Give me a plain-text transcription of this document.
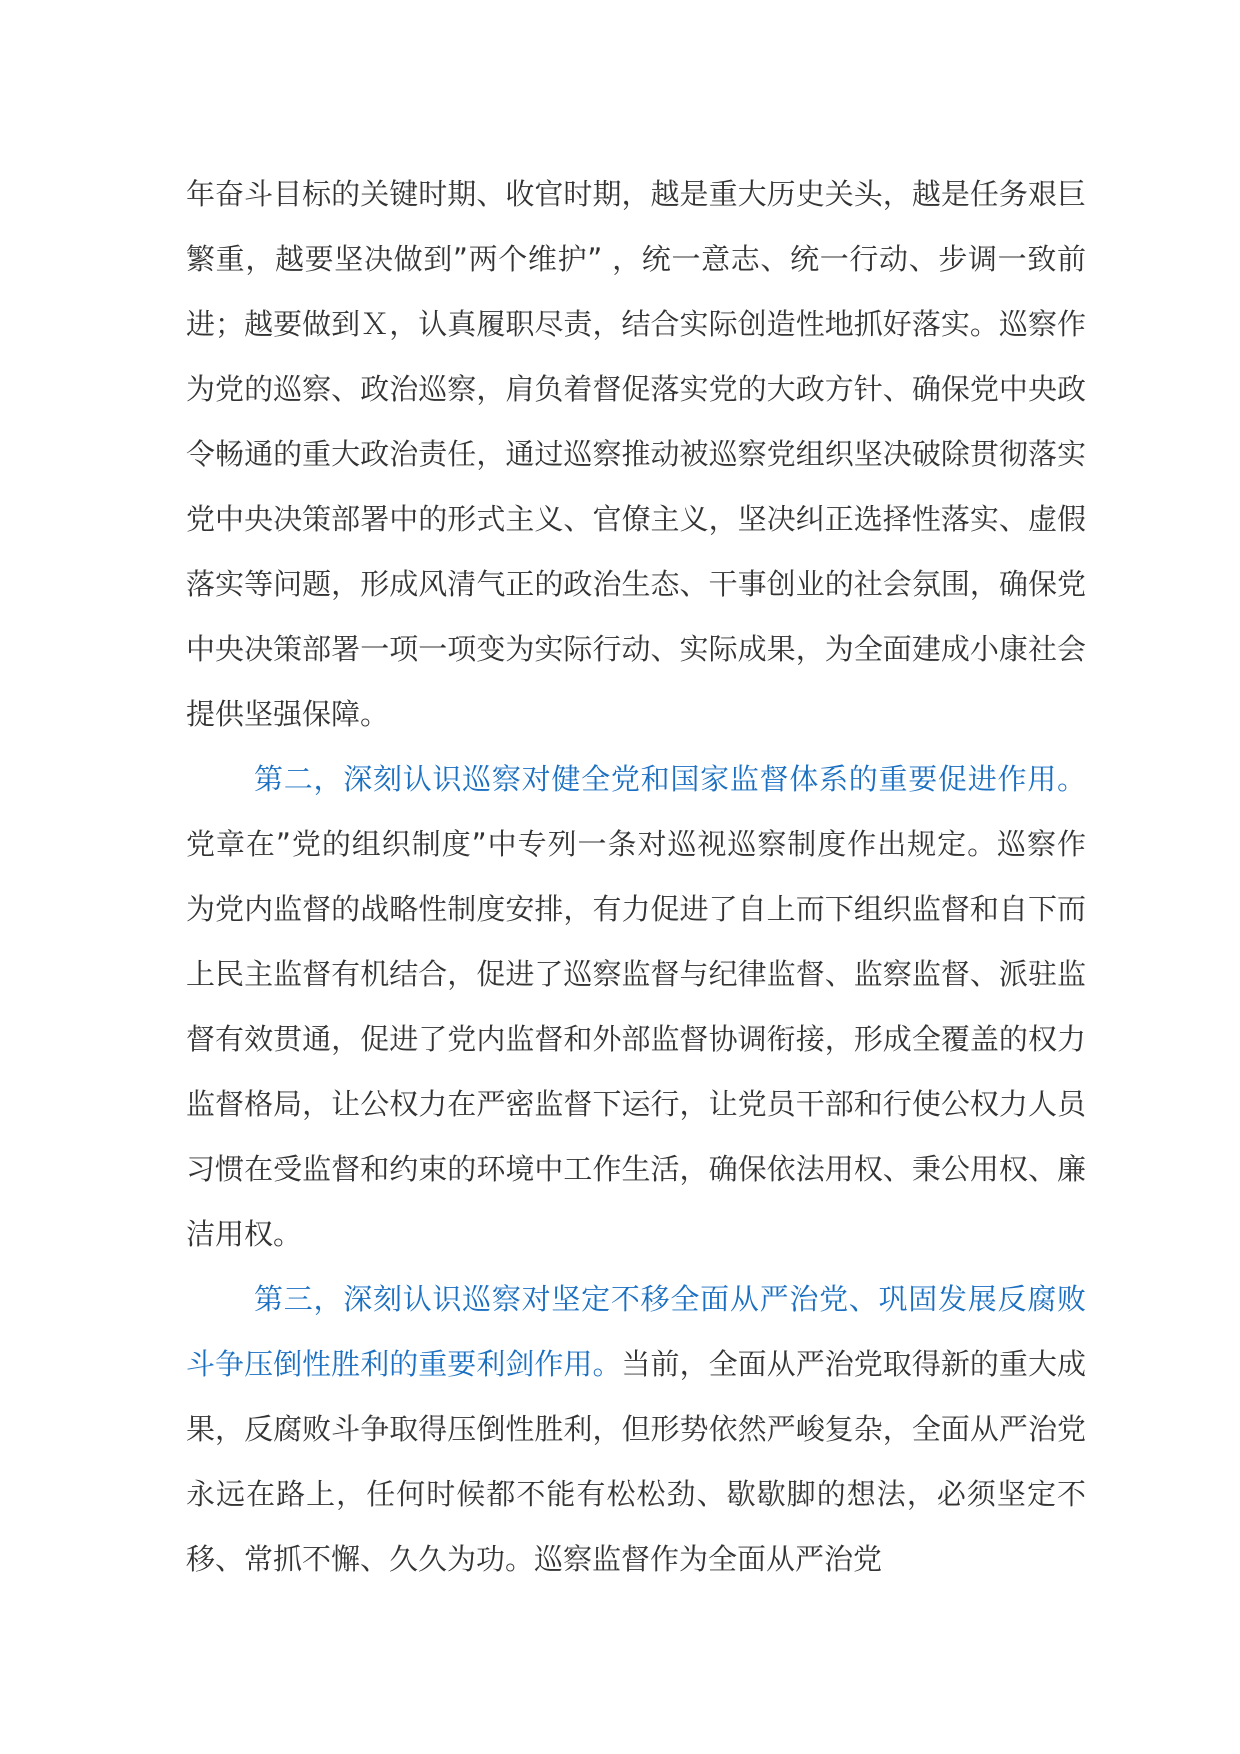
年奋斗目标的关键时期、收官时期，越是重大历史关头，越是任务艰巨繁重，越要坚决做到”两个维护” ，统一意志、统一行动、步调一致前进；越要做到Ｘ，认真履职尽责，结合实际创造性地抓好落实。巡察作为党的巡察、政治巡察，肩负着督促落实党的大政方针、确保党中央政令畅通的重大政治责任，通过巡察推动被巡察党组织坚决破除贯彻落实党中央决策部署中的形式主义、官僚主义，坚决纠正选择性落实、虚假落实等问题，形成风清气正的政治生态、干事创业的社会氛围，确保党中央决策部署一项一项变为实际行动、实际成果，为全面建成小康社会提供坚强保障。

第二，深刻认识巡察对健全党和国家监督体系的重要促进作用。党章在”党的组织制度”中专列一条对巡视巡察制度作出规定。巡察作为党内监督的战略性制度安排，有力促进了自上而下组织监督和自下而上民主监督有机结合，促进了巡察监督与纪律监督、监察监督、派驻监督有效贯通，促进了党内监督和外部监督协调衔接，形成全覆盖的权力监督格局，让公权力在严密监督下运行，让党员干部和行使公权力人员习惯在受监督和约束的环境中工作生活，确保依法用权、秉公用权、廉洁用权。

第三，深刻认识巡察对坚定不移全面从严治党、巩固发展反腐败斗争压倒性胜利的重要利剑作用。当前，全面从严治党取得新的重大成果，反腐败斗争取得压倒性胜利，但形势依然严峻复杂，全面从严治党永远在路上，任何时候都不能有松松劲、歇歇脚的想法，必须坚定不移、常抓不懈、久久为功。巡察监督作为全面从严治党
